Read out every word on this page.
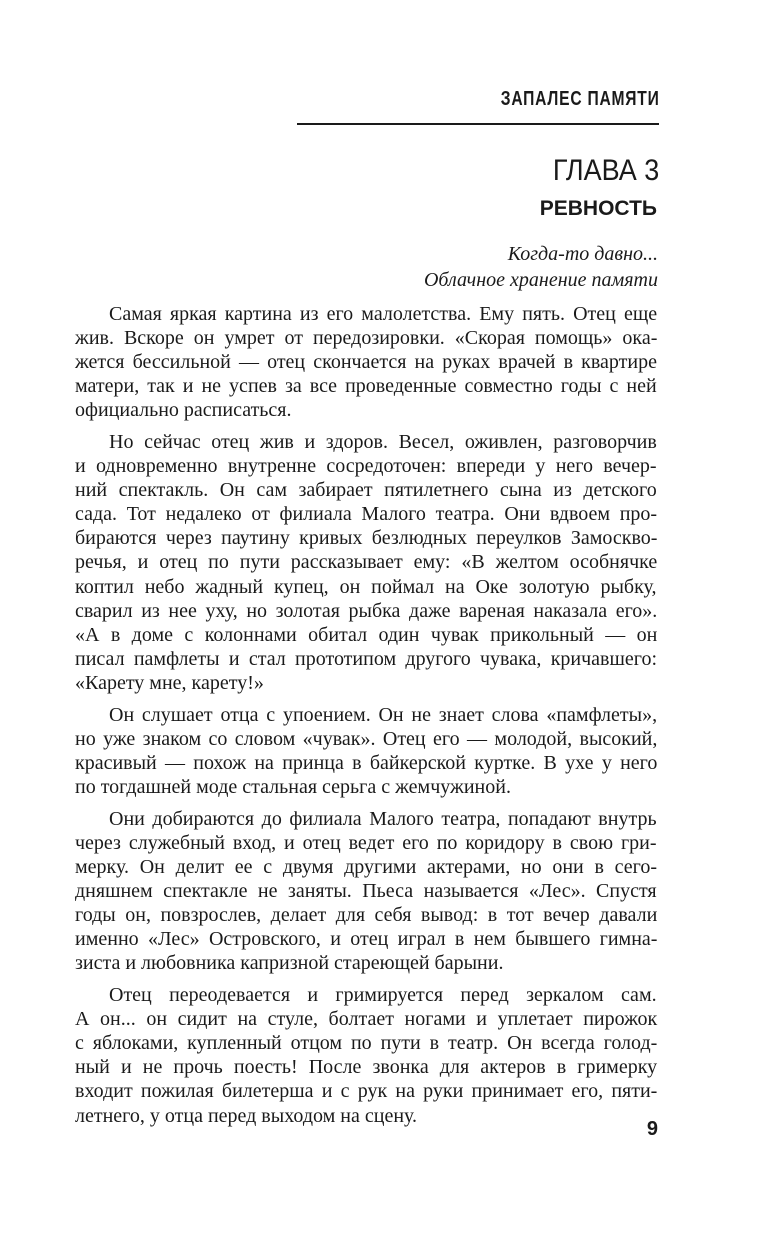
ЗАПАЛЕС ПАМЯТИ
ГЛАВА 3
РЕВНОСТЬ
Когда-то давно...
Облачное хранение памяти
Самая яркая картина из его малолетства. Ему пять. Отец еще
жив. Вскоре он умрет от передозировки. «Скорая помощь» ока-
жется бессильной — отец скончается на руках врачей в квартире
матери, так и не успев за все проведенные совместно годы с ней
официально расписаться.
Но сейчас отец жив и здоров. Весел, оживлен, разговорчив
и одновременно внутренне сосредоточен: впереди у него вечер-
ний спектакль. Он сам забирает пятилетнего сына из детского
сада. Тот недалеко от филиала Малого театра. Они вдвоем про-
бираются через паутину кривых безлюдных переулков Замоскво-
речья, и отец по пути рассказывает ему: «В желтом особнячке
коптил небо жадный купец, он поймал на Оке золотую рыбку,
сварил из нее уху, но золотая рыбка даже вареная наказала его».
«А в доме с колоннами обитал один чувак прикольный — он
писал памфлеты и стал прототипом другого чувака, кричавшего:
«Карету мне, карету!»
Он слушает отца с упоением. Он не знает слова «памфлеты»,
но уже знаком со словом «чувак». Отец его — молодой, высокий,
красивый — похож на принца в байкерской куртке. В ухе у него
по тогдашней моде стальная серьга с жемчужиной.
Они добираются до филиала Малого театра, попадают внутрь
через служебный вход, и отец ведет его по коридору в свою гри-
мерку. Он делит ее с двумя другими актерами, но они в сего-
дняшнем спектакле не заняты. Пьеса называется «Лес». Спустя
годы он, повзрослев, делает для себя вывод: в тот вечер давали
именно «Лес» Островского, и отец играл в нем бывшего гимна-
зиста и любовника капризной стареющей барыни.
Отец переодевается и гримируется перед зеркалом сам.
А он... он сидит на стуле, болтает ногами и уплетает пирожок
с яблоками, купленный отцом по пути в театр. Он всегда голод-
ный и не прочь поесть! После звонка для актеров в гримерку
входит пожилая билетерша и с рук на руки принимает его, пяти-
летнего, у отца перед выходом на сцену.
9
